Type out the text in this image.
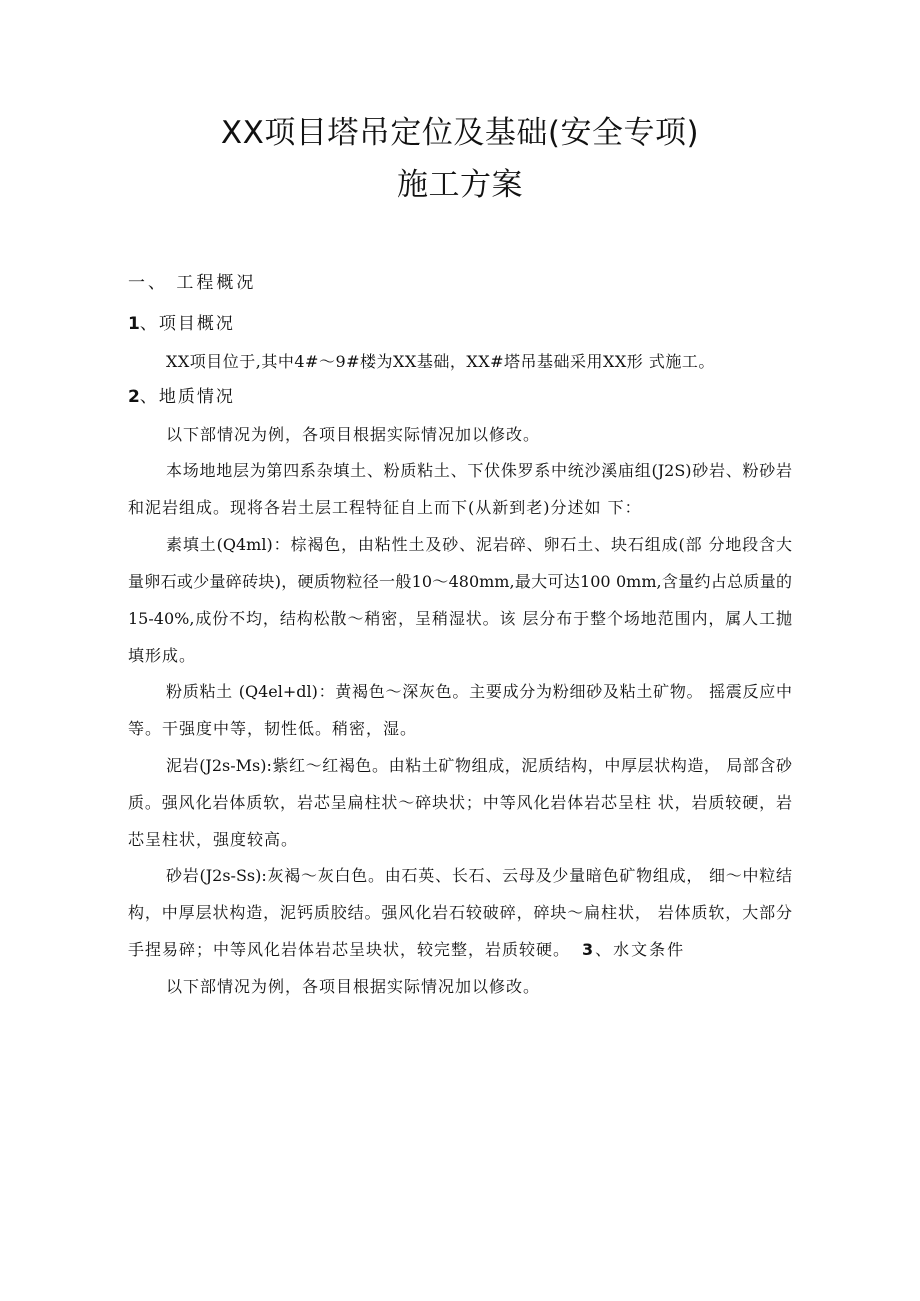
XX项目塔吊定位及基础(安全专项)
施工方案
一、 工程概况
1、项目概况
XX项目位于,其中4#～9#楼为XX基础，XX#塔吊基础采用XX形 式施工。
2、地质情况
以下部情况为例，各项目根据实际情况加以修改。
本场地地层为第四系杂填土、粉质粘土、下伏侏罗系中统沙溪庙组(J2S)砂岩、粉砂岩
和泥岩组成。现将各岩土层工程特征自上而下(从新到老)分述如 下：
素填土(Q4ml)：棕褐色，由粘性土及砂、泥岩碎、卵石土、块石组成(部 分地段含大
量卵石或少量碎砖块)，硬质物粒径一般10～480mm,最大可达100 0mm,含量约占总质量的
15-40%,成份不均，结构松散～稍密，呈稍湿状。该 层分布于整个场地范围内，属人工抛
填形成。
粉质粘土 (Q4el+dl)：黄褐色～深灰色。主要成分为粉细砂及粘土矿物。 摇震反应中
等。干强度中等，韧性低。稍密，湿。
泥岩(J2s-Ms):紫红～红褐色。由粘土矿物组成，泥质结构，中厚层状构造， 局部含砂
质。强风化岩体质软，岩芯呈扁柱状～碎块状；中等风化岩体岩芯呈柱 状，岩质较硬，岩
芯呈柱状，强度较高。
砂岩(J2s-Ss):灰褐～灰白色。由石英、长石、云母及少量暗色矿物组成， 细～中粒结
构，中厚层状构造，泥钙质胶结。强风化岩石较破碎，碎块～扁柱状， 岩体质软，大部分
手捏易碎；中等风化岩体岩芯呈块状，较完整，岩质较硬。 3、水文条件
以下部情况为例，各项目根据实际情况加以修改。
